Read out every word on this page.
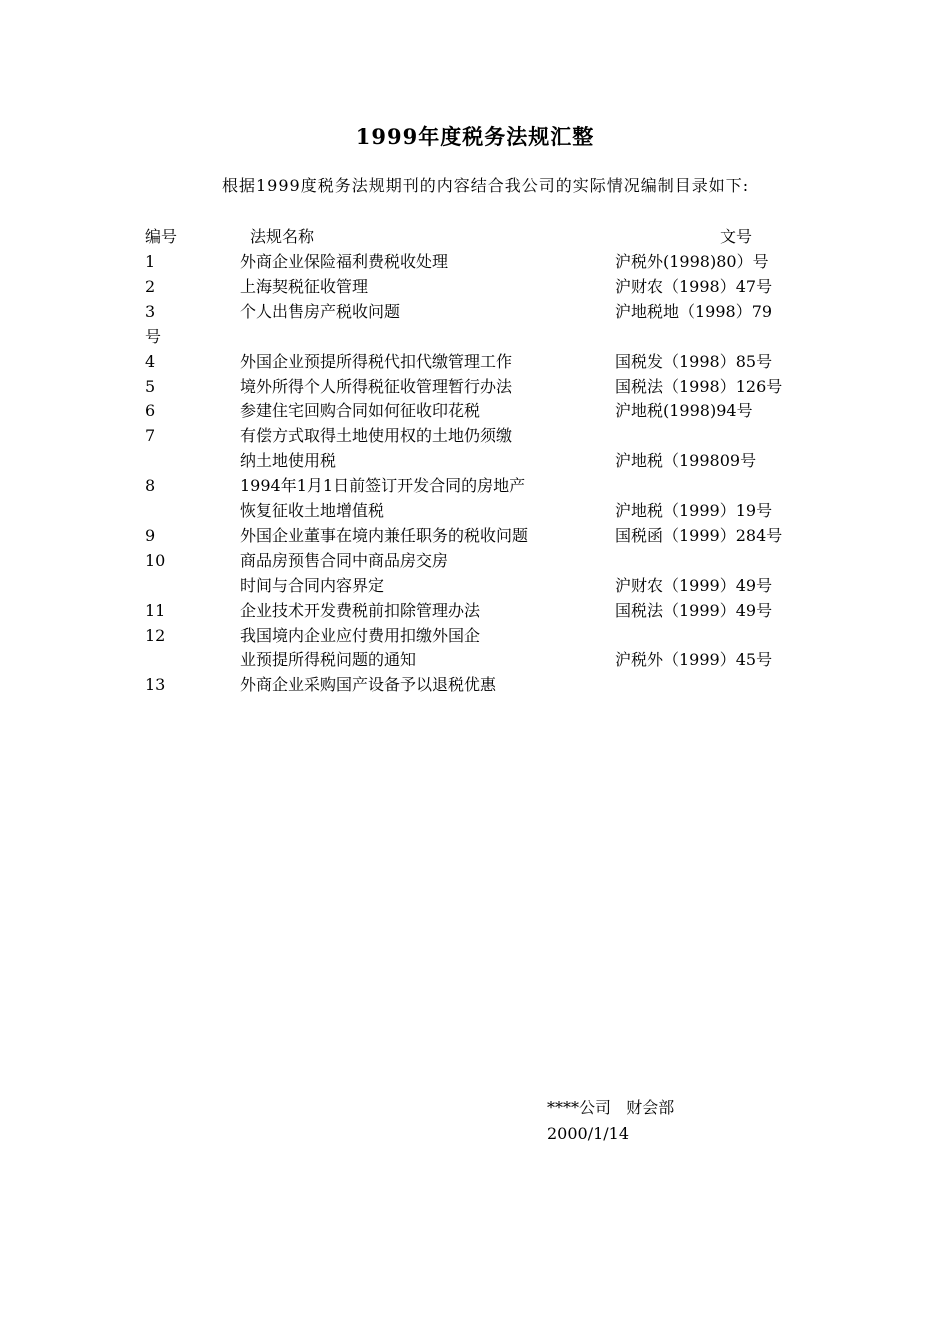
1999年度税务法规汇整
根据1999度税务法规期刊的内容结合我公司的实际情况编制目录如下:
编号	法规名称	文号
1	外商企业保险福利费税收处理	沪税外(1998)80）号
2	上海契税征收管理	沪财农（1998）47号
3	个人出售房产税收问题	沪地税地（1998）79
号
4	外国企业预提所得税代扣代缴管理工作	国税发（1998）85号
5	境外所得个人所得税征收管理暂行办法	国税法（1998）126号
6	参建住宅回购合同如何征收印花税	沪地税(1998)94号
7	有偿方式取得土地使用权的土地仍须缴
纳土地使用税	沪地税（199809号
8	1994年1月1日前签订开发合同的房地产
恢复征收土地增值税	沪地税（1999）19号
9	外国企业董事在境内兼任职务的税收问题	国税函（1999）284号
10	商品房预售合同中商品房交房
时间与合同内容界定	沪财农（1999）49号
11	企业技术开发费税前扣除管理办法	国税法（1999）49号
12	我国境内企业应付费用扣缴外国企
业预提所得税问题的通知	沪税外（1999）45号
13	外商企业采购国产设备予以退税优惠
****公司   财会部
2000/1/14
